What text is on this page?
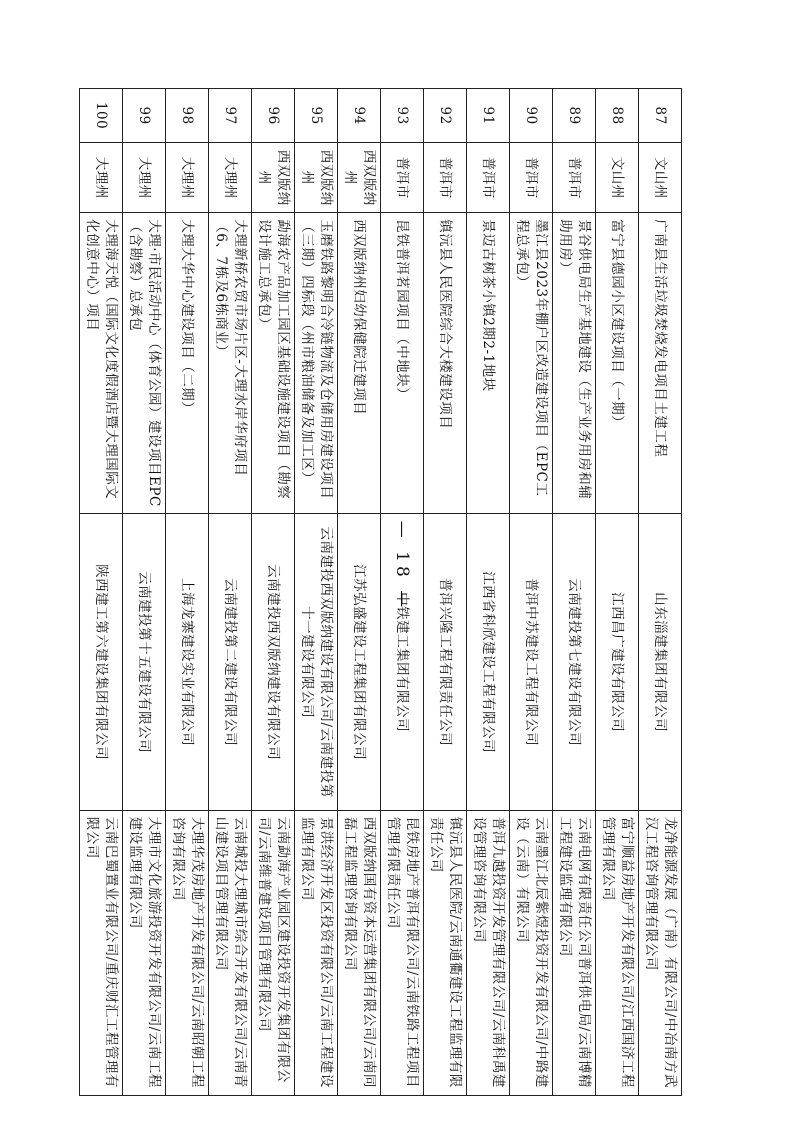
87	文山州	广南县生活垃圾焚烧发电项目土建工程	山东淄建集团有限公司	龙净能源发展（广南）有限公司/中冶南方武汉工程咨询管理有限公司
88	文山州	富宁县德园小区建设项目（一期）	江西昌广建设有限公司	富宁顺益房地产开发有限公司/江西国济工程管理有限公司
89	普洱市	景谷供电局生产基地建设（生产业务用房和辅助用房）	云南建投第七建设有限公司	云南电网有限责任公司普洱供电局/云南博精工程建设监理有限公司
90	普洱市	墨江县2023年棚户区改造建设项目（EPC工程总承包）	普洱中苏建设工程有限公司	云南墨江北辰紫煜投资开发有限公司/中路建设（云南）有限公司
91	普洱市	景迈古树茶小镇2期2-1地块	江西省科欣建设工程有限公司	普洱九越投资开发管理有限公司/云南科禹建设管理咨询有限公司
92	普洱市	镇沅县人民医院综合大楼建设项目	普洱兴隆工程有限责任公司	镇沅县人民医院/云南通衢建设工程监理有限责任公司
93	普洱市	昆铁普洱茗园项目（中地块）	中铁建工集团有限公司	昆铁房地产普洱有限公司/云南铁路工程项目管理有限责任公司
94	西双版纳州	西双版纳州妇幼保健院迁建项目	江苏弘盛建设工程集团有限公司	西双版纳国有资本运营集团有限公司/云南同磊工程监理咨询有限公司
95	西双版纳州	玉磨铁路黎明合冷链物流及仓储用房建设项目（三期）四标段（州市粮油储备及加工区）	云南建投西双版纳建设有限公司/云南建投第十一建设有限公司	景洪经济开发区投资有限公司/云南工程建设监理有限公司
96	西双版纳州	勐海农产品加工园区基础设施建设项目（勘察设计施工总承包）	云南建投西双版纳建设有限公司	云南勐海产业园区建设投资开发集团有限公司/云南维普建设项目管理有限公司
97	大理州	大理新桥农贸市场片区-大理水岸华府项目（6、7栋及6栋商业）	云南建投第二建设有限公司	云南城投大理城市综合开发有限公司/云南青山建设项目管理有限公司
98	大理州	大理大华中心建设项目（二期）	上海龙寨建设实业有限公司	大理华茂房地产开发有限公司/云南昭朝工程咨询有限公司
99	大理州	大理·市民活动中心（体育公园）建设项目EPC（含勘察）总承包	云南建投第十五建设有限公司	大理市文化旅游投资开发有限公司/云南工程建设监理有限公司
100	大理州	大理海天悦（国际文化度假酒店暨大理国际文化创意中心）项目	陕西建工第六建设集团有限公司	云南巴蜀置业有限公司/重庆财汇工程管理有限公司
— 18 —
